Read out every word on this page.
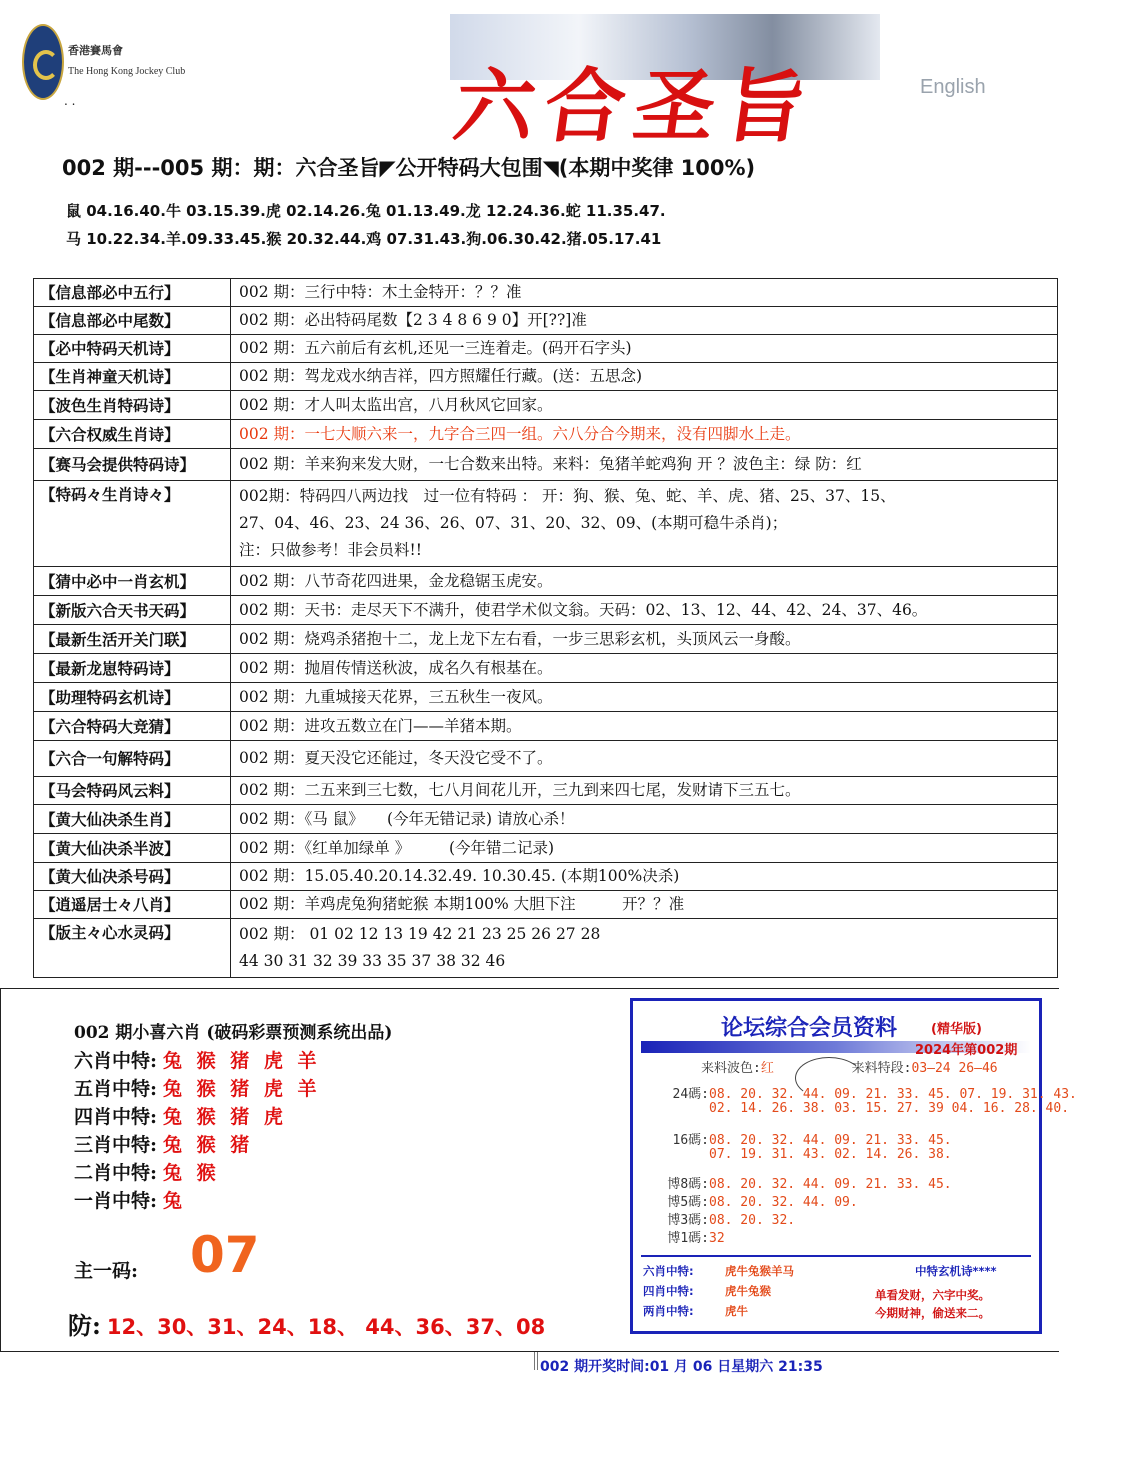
香港賽馬會
The Hong Kong Jockey Club
. .	六合圣旨	English
002 期---005 期：期：六合圣旨◤公开特码大包围◥(本期中奖律 100%)
鼠 04.16.40.牛 03.15.39.虎 02.14.26.兔 01.13.49.龙 12.24.36.蛇 11.35.47.
马 10.22.34.羊.09.33.45.猴 20.32.44.鸡 07.31.43.狗.06.30.42.猪.05.17.41
【信息部必中五行】	002 期：三行中特：木土金特开：？？准
【信息部必中尾数】	002 期：必出特码尾数【2 3 4 8 6 9 0】开[??]准
【必中特码天机诗】	002 期：五六前后有玄机,还见一三连着走。(码开石字头)
【生肖神童天机诗】	002 期：驾龙戏水纳吉祥，四方照耀任行藏。(送：五思念)
【波色生肖特码诗】	002 期：才人叫太监出宫，八月秋风它回家。
【六合权威生肖诗】	002 期：一七大顺六来一，九字合三四一组。六八分合今期来，没有四脚水上走。
【赛马会提供特码诗】	002 期：羊来狗来发大财，一七合数来出特。来料：兔猪羊蛇鸡狗 开 ？波色主：绿 防：红
【特码々生肖诗々】	002期：特码四八两边找　过一位有特码 ： 开：狗、猴、兔、蛇、羊、虎、猪、25、37、15、
27、04、46、23、24 36、26、07、31、20、32、09、(本期可稳牛杀肖)；
注：只做参考！非会员料!!

【猜中必中一肖玄机】	002 期：八节奇花四进果，金龙稳锯玉虎安。
【新版六合天书天码】	002 期：天书：走尽天下不满升，使君学术似文翁。天码：02、13、12、44、42、24、37、46。
【最新生活开关门联】	002 期：烧鸡杀猪抱十二，龙上龙下左右看，一步三思彩玄机，头顶风云一身酸。
【最新龙崽特码诗】	002 期：抛眉传情送秋波，成名久有根基在。
【助理特码玄机诗】	002 期：九重城接天花界，三五秋生一夜风。
【六合特码大竞猜】	002 期：进攻五数立在门——羊猪本期。
【六合一句解特码】	002 期：夏天没它还能过，冬天没它受不了。
【马会特码风云料】	002 期：二五来到三七数，七八月间花儿开，三九到来四七尾，发财请下三五七。
【黄大仙决杀生肖】	002 期：《马 鼠》　　(今年无错记录) 请放心杀！
【黄大仙决杀半波】	002 期：《红单加绿单 》　　　(今年错二记录)
【黄大仙决杀号码】	002 期：15.05.40.20.14.32.49. 10.30.45. (本期100%决杀)
【逍遥居士々八肖】	002 期：羊鸡虎兔狗猪蛇猴 本期100% 大胆下注　　　开？？准
【版主々心水灵码】	002 期： 01 02 12 13 19 42 21 23 25 26 27 28
44 30 31 32 39 33 35 37 38 32 46
002 期小喜六肖 (破码彩票预测系统出品)
六肖中特: 兔 猴 猪 虎 羊
五肖中特: 兔 猴 猪 虎 羊
四肖中特: 兔 猴 猪 虎
三肖中特: 兔 猴 猪
二肖中特: 兔 猴
一肖中特: 兔
主一码: 07
防: 12、30、31、24、18、 44、36、37、08
论坛综合会员资料	(精华版)
2024年第002期
来料波色:红	来料特段:03—24 26—46
24碼:08. 20. 32. 44. 09. 21. 33. 45. 07. 19. 31. 43.
02. 14. 26. 38. 03. 15. 27. 39 04. 16. 28. 40.
16碼:08. 20. 32. 44. 09. 21. 33. 45.
07. 19. 31. 43. 02. 14. 26. 38.
博8碼:08. 20. 32. 44. 09. 21. 33. 45.
博5碼:08. 20. 32. 44. 09.
博3碼:08. 20. 32.
博1碼:32
六肖中特:	虎牛兔猴羊马
四肖中特:	虎牛兔猴
两肖中特:	虎牛
中特玄机诗****
单看发财，六字中奖。
今期财神，偷送来二。
002 期开奖时间:01 月 06 日星期六 21:35
